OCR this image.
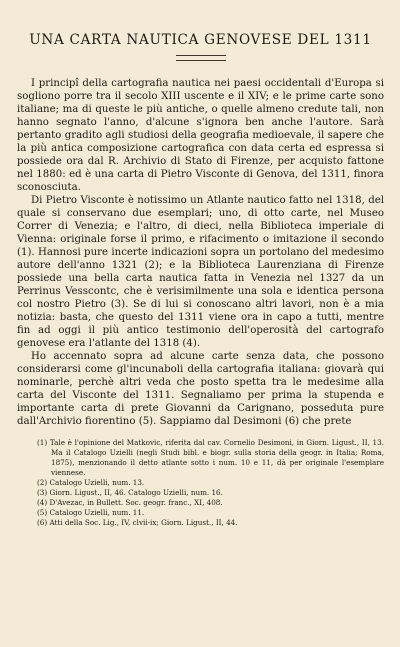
UNA CARTA NAUTICA GENOVESE DEL 1311

I principî della cartografia nautica nei paesi occidentali d'Europa si sogliono porre tra il secolo XIII uscente e il XIV; e le prime carte sono italiane; ma di queste le più antiche, o quelle almeno credute tali, non hanno segnato l'anno, d'alcune s'ignora ben anche l'autore. Sarà pertanto gradito agli studiosi della geografia medioevale, il sapere che la più antica composizione cartografica con data certa ed espressa si possiede ora dal R. Archivio di Stato di Firenze, per acquisto fattone nel 1880: ed è una carta di Pietro Visconte di Genova, del 1311, finora sconosciuta.

Di Pietro Visconte è notissimo un Atlante nautico fatto nel 1318, del quale si conservano due esemplari; uno, di otto carte, nel Museo Correr di Venezia; e l'altro, di dieci, nella Biblioteca imperiale di Vienna: originale forse il primo, e rifacimento o imitazione il secondo (1). Hannosi pure incerte indicazioni sopra un portolano del medesimo autore dell'anno 1321 (2); e la Biblioteca Laurenziana di Firenze possiede una bella carta nautica fatta in Venezia nel 1327 da un Perrinus Vesscontc, che è verisimilmente una sola e identica persona col nostro Pietro (3). Se di lui si conoscano altri lavori, non è a mia notizia: basta, che questo del 1311 viene ora in capo a tutti, mentre fin ad oggi il più antico testimonio dell'operosità del cartografo genovese era l'atlante del 1318 (4).

Ho accennato sopra ad alcune carte senza data, che possono considerarsi come gl'incunaboli della cartografia italiana: giovarà qui nominarle, perchè altri veda che posto spetta tra le medesime alla carta del Visconte del 1311. Segnaliamo per prima la stupenda e importante carta di prete Giovanni da Carignano, posseduta pure dall'Archivio fiorentino (5). Sappiamo dal Desimoni (6) che prete

(1) Tale è l'opinione del Matkovic, riferita dal cav. Cornelio Desimoni, in Giorn. Ligust., II, 13. Ma il Catalogo Uzielli (negli Studi bibl. e biogr. sulla storia della geogr. in Italia; Roma, 1875), menzionando il detto atlante sotto i num. 10 e 11, dà per originale l'esemplare viennese.
(2) Catalogo Uzielli, num. 13.
(3) Giorn. Ligust., II, 46. Catalogo Uzielli, num. 16.
(4) D'Avezac, in Bullett. Soc. geogr. franc., XI, 408.
(5) Catalogo Uzielli, num. 11.
(6) Atti della Soc. Lig., IV, clvii-ix; Giorn. Ligust., II, 44.
